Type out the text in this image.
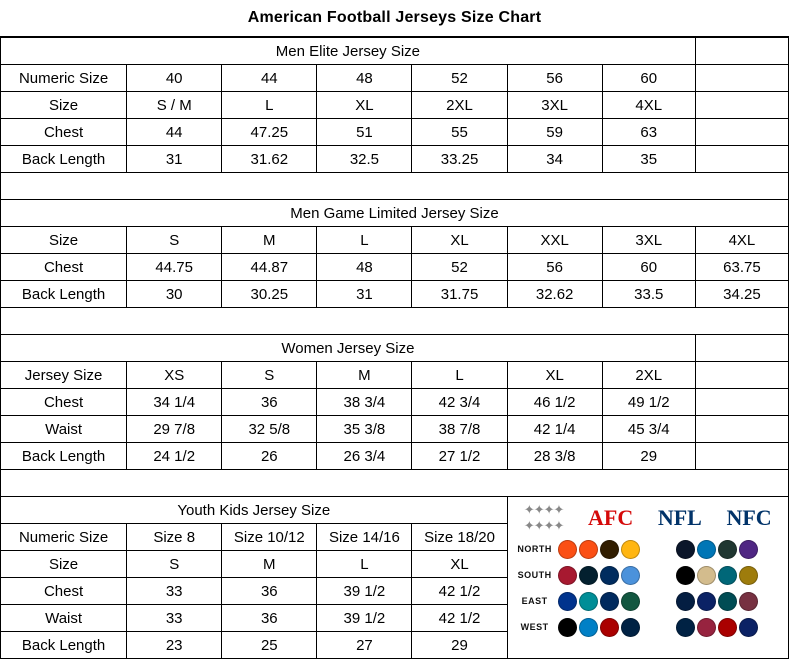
American Football Jerseys Size Chart
Men Elite Jersey Size							
Numeric Size	40	44	48	52	56	60	
Size	S / M	L	XL	2XL	3XL	4XL	
Chest	44	47.25	51	55	59	63	
Back Length	31	31.62	32.5	33.25	34	35	

Men Game Limited Jersey Size							
Size	S	M	L	XL	XXL	3XL	4XL
Chest	44.75	44.87	48	52	56	60	63.75
Back Length	30	30.25	31	31.75	32.62	33.5	34.25

Women Jersey Size							
Jersey Size	XS	S	M	L	XL	2XL	
Chest	34 1/4	36	38 3/4	42 3/4	46 1/2	49 1/2	
Waist	29 7/8	32 5/8	35 3/8	38 7/8	42 1/4	45 3/4	
Back Length	24 1/2	26	26 3/4	27 1/2	28 3/8	29	

Youth Kids Jersey Size	✦✦✦✦
✦✦✦✦ AFC NFL NFC
NORTH
SOUTH
EAST
WEST

Numeric Size	Size 8	Size 10/12	Size 14/16	Size 18/20			
Size	S	M	L	XL			
Chest	33	36	39 1/2	42 1/2			
Waist	33	36	39 1/2	42 1/2			
Back Length	23	25	27	29			
